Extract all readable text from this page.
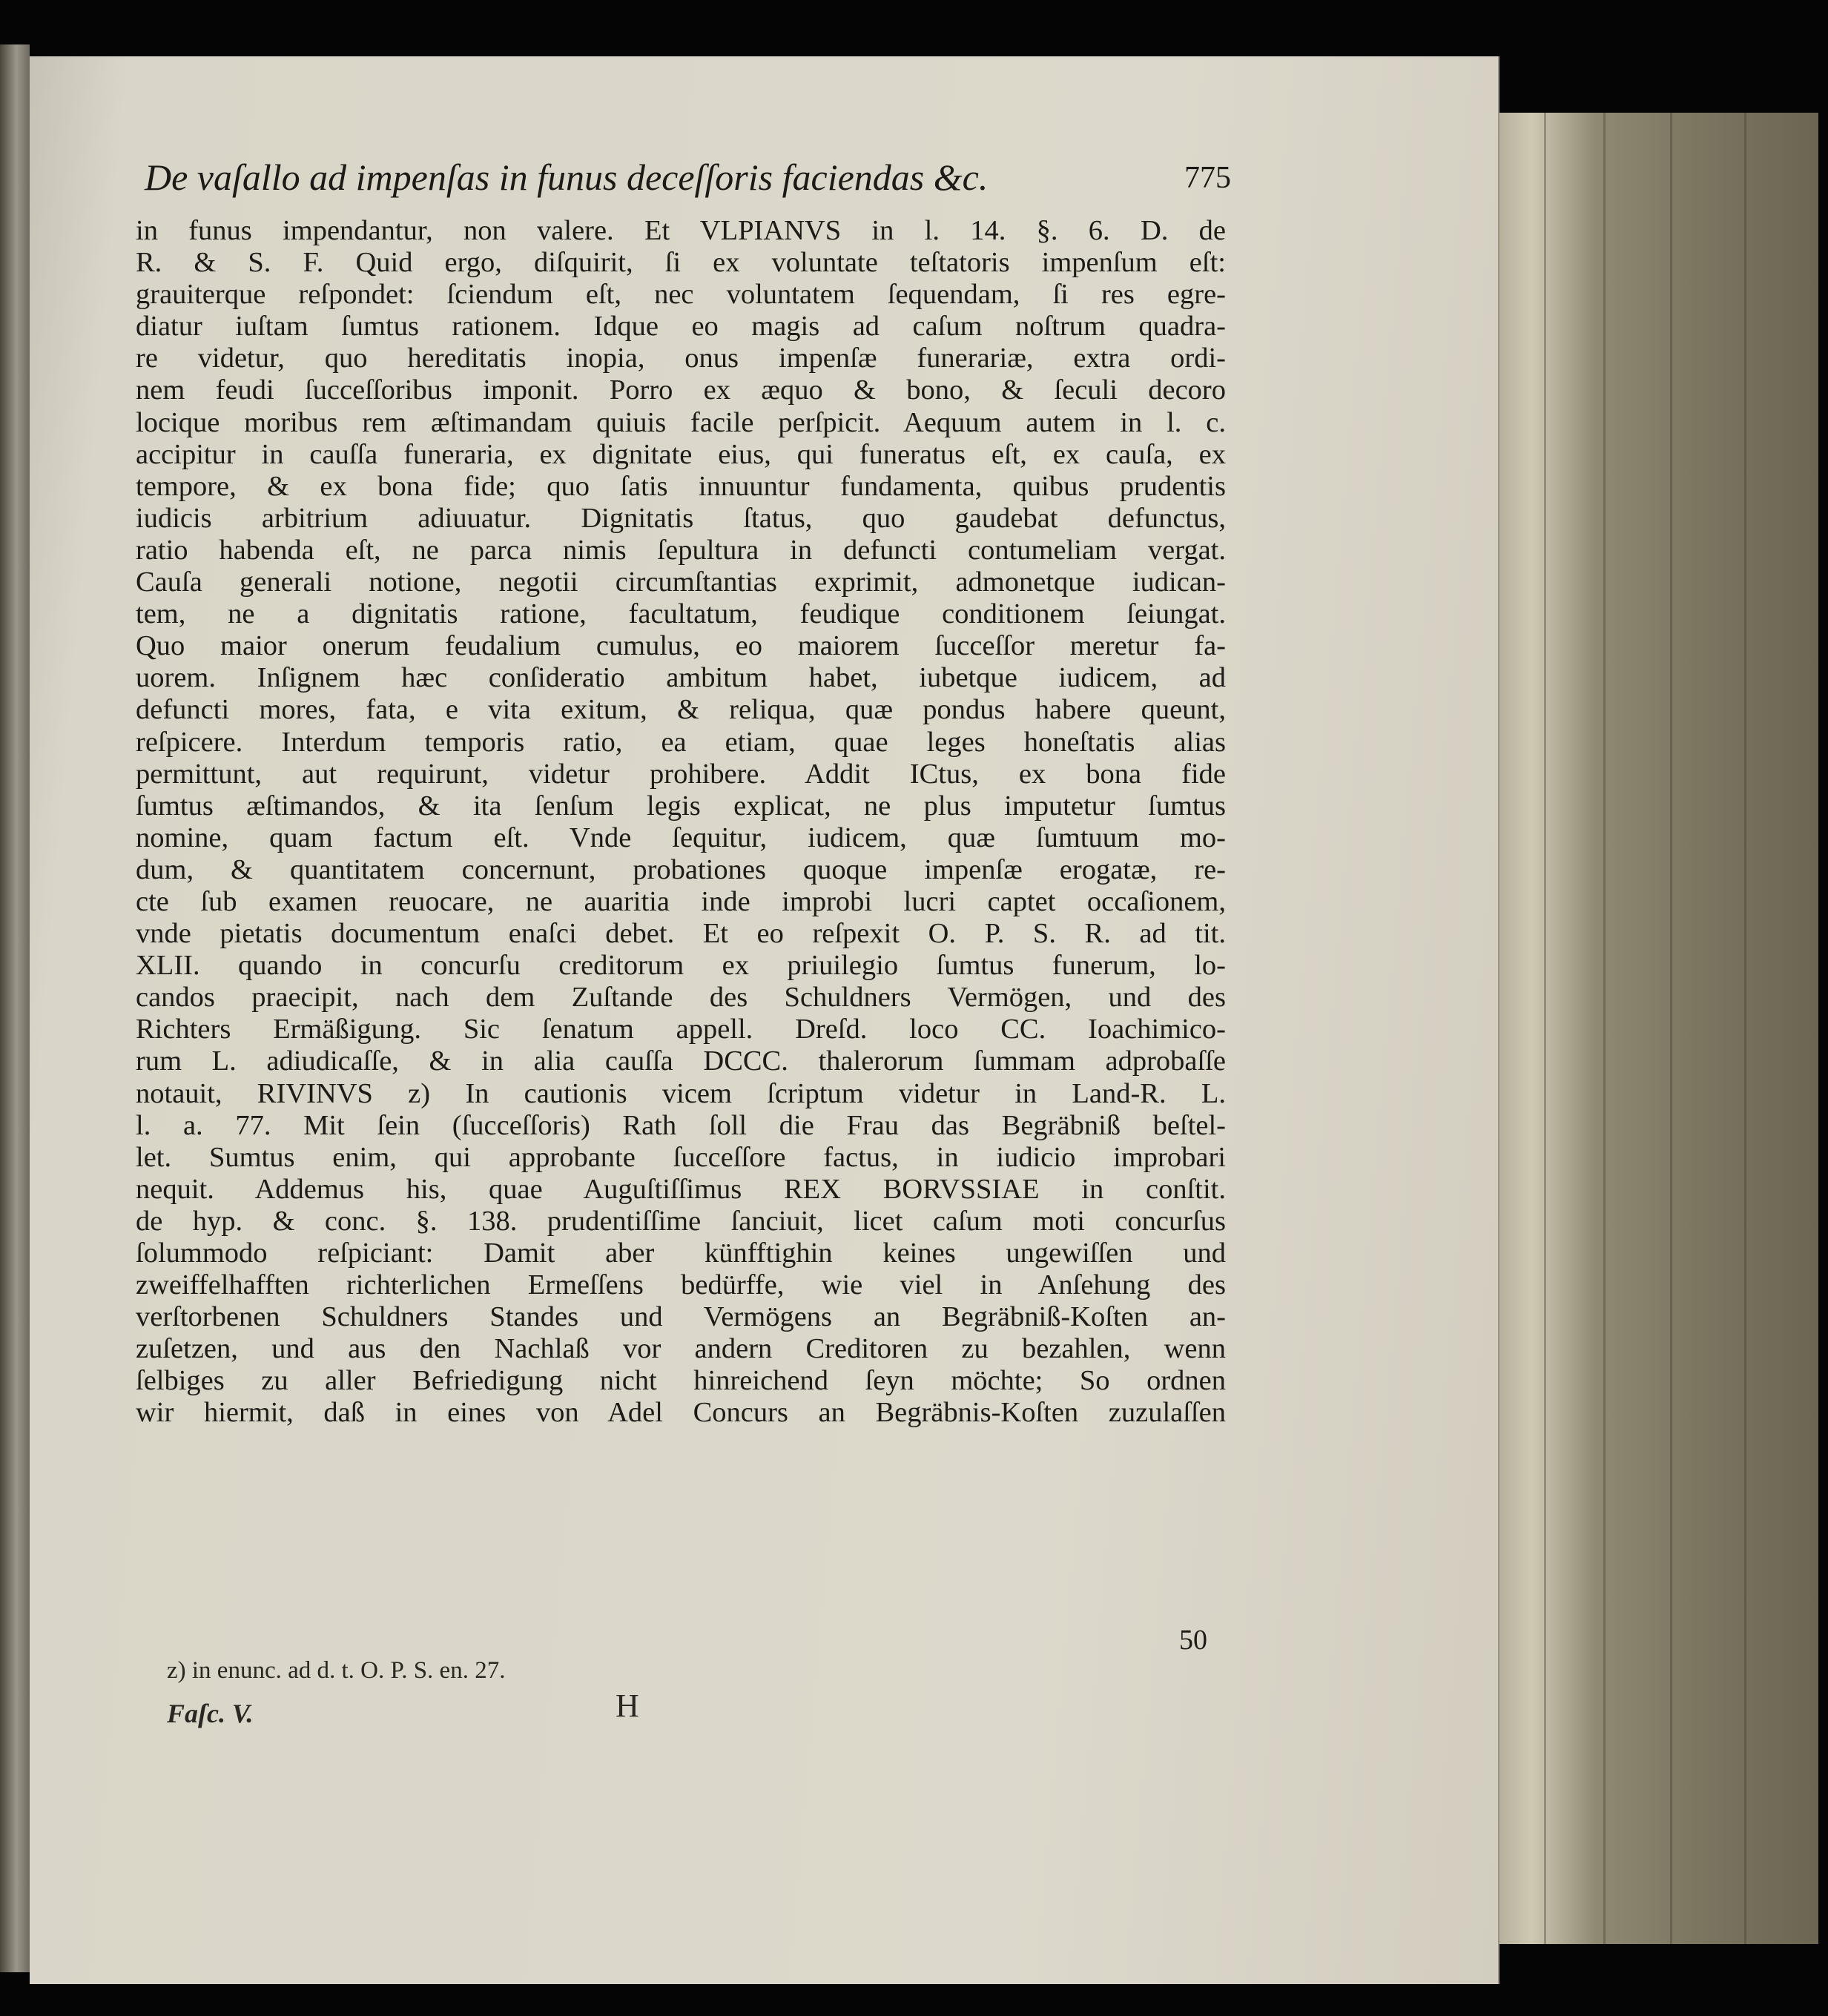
De vaſallo ad impenſas in funus deceſſoris faciendas &c.	775
in funus impendantur, non valere. Et VLPIANVS in l. 14. §. 6. D. de
R. & S. F. Quid ergo, diſquirit, ſi ex voluntate teſtatoris impenſum eſt:
grauiterque reſpondet: ſciendum eſt, nec voluntatem ſequendam, ſi res egre-
diatur iuſtam ſumtus rationem. Idque eo magis ad caſum noſtrum quadra-
re videtur, quo hereditatis inopia, onus impenſæ funerariæ, extra ordi-
nem feudi ſucceſſoribus imponit. Porro ex æquo & bono, & ſeculi decoro
locique moribus rem æſtimandam quiuis facile perſpicit. Aequum autem in l. c.
accipitur in cauſſa funeraria, ex dignitate eius, qui funeratus eſt, ex cauſa, ex
tempore, & ex bona fide; quo ſatis innuuntur fundamenta, quibus prudentis
iudicis arbitrium adiuuatur. Dignitatis ſtatus, quo gaudebat defunctus,
ratio habenda eſt, ne parca nimis ſepultura in defuncti contumeliam vergat.
Cauſa generali notione, negotii circumſtantias exprimit, admonetque iudican-
tem, ne a dignitatis ratione, facultatum, feudique conditionem ſeiungat.
Quo maior onerum feudalium cumulus, eo maiorem ſucceſſor meretur fa-
uorem. Inſignem hæc conſideratio ambitum habet, iubetque iudicem, ad
defuncti mores, fata, e vita exitum, & reliqua, quæ pondus habere queunt,
reſpicere. Interdum temporis ratio, ea etiam, quae leges honeſtatis alias
permittunt, aut requirunt, videtur prohibere. Addit ICtus, ex bona fide
ſumtus æſtimandos, & ita ſenſum legis explicat, ne plus imputetur ſumtus
nomine, quam factum eſt. Vnde ſequitur, iudicem, quæ ſumtuum mo-
dum, & quantitatem concernunt, probationes quoque impenſæ erogatæ, re-
cte ſub examen reuocare, ne auaritia inde improbi lucri captet occaſionem,
vnde pietatis documentum enaſci debet. Et eo reſpexit O. P. S. R. ad tit.
XLII. quando in concurſu creditorum ex priuilegio ſumtus funerum, lo-
candos praecipit, nach dem Zuſtande des Schuldners Vermögen, und des
Richters Ermäßigung. Sic ſenatum appell. Dreſd. loco CC. Ioachimico-
rum L. adiudicaſſe, & in alia cauſſa DCCC. thalerorum ſummam adprobaſſe
notauit, RIVINVS z) In cautionis vicem ſcriptum videtur in Land-R. L.
l. a. 77. Mit ſein (ſucceſſoris) Rath ſoll die Frau das Begräbniß beſtel-
let. Sumtus enim, qui approbante ſucceſſore factus, in iudicio improbari
nequit. Addemus his, quae Auguſtiſſimus REX BORVSSIAE in conſtit.
de hyp. & conc. §. 138. prudentiſſime ſanciuit, licet caſum moti concurſus
ſolummodo reſpiciant: Damit aber künfftighin keines ungewiſſen und
zweiffelhafften richterlichen Ermeſſens bedürffe, wie viel in Anſehung des
verſtorbenen Schuldners Standes und Vermögens an Begräbniß-Koſten an-
zuſetzen, und aus den Nachlaß vor andern Creditoren zu bezahlen, wenn
ſelbiges zu aller Befriedigung nicht hinreichend ſeyn möchte; So ordnen
wir hiermit, daß in eines von Adel Concurs an Begräbnis-Koſten zuzulaſſen
50
z) in enunc. ad d. t. O. P. S. en. 27.
Faſc. V.	H
